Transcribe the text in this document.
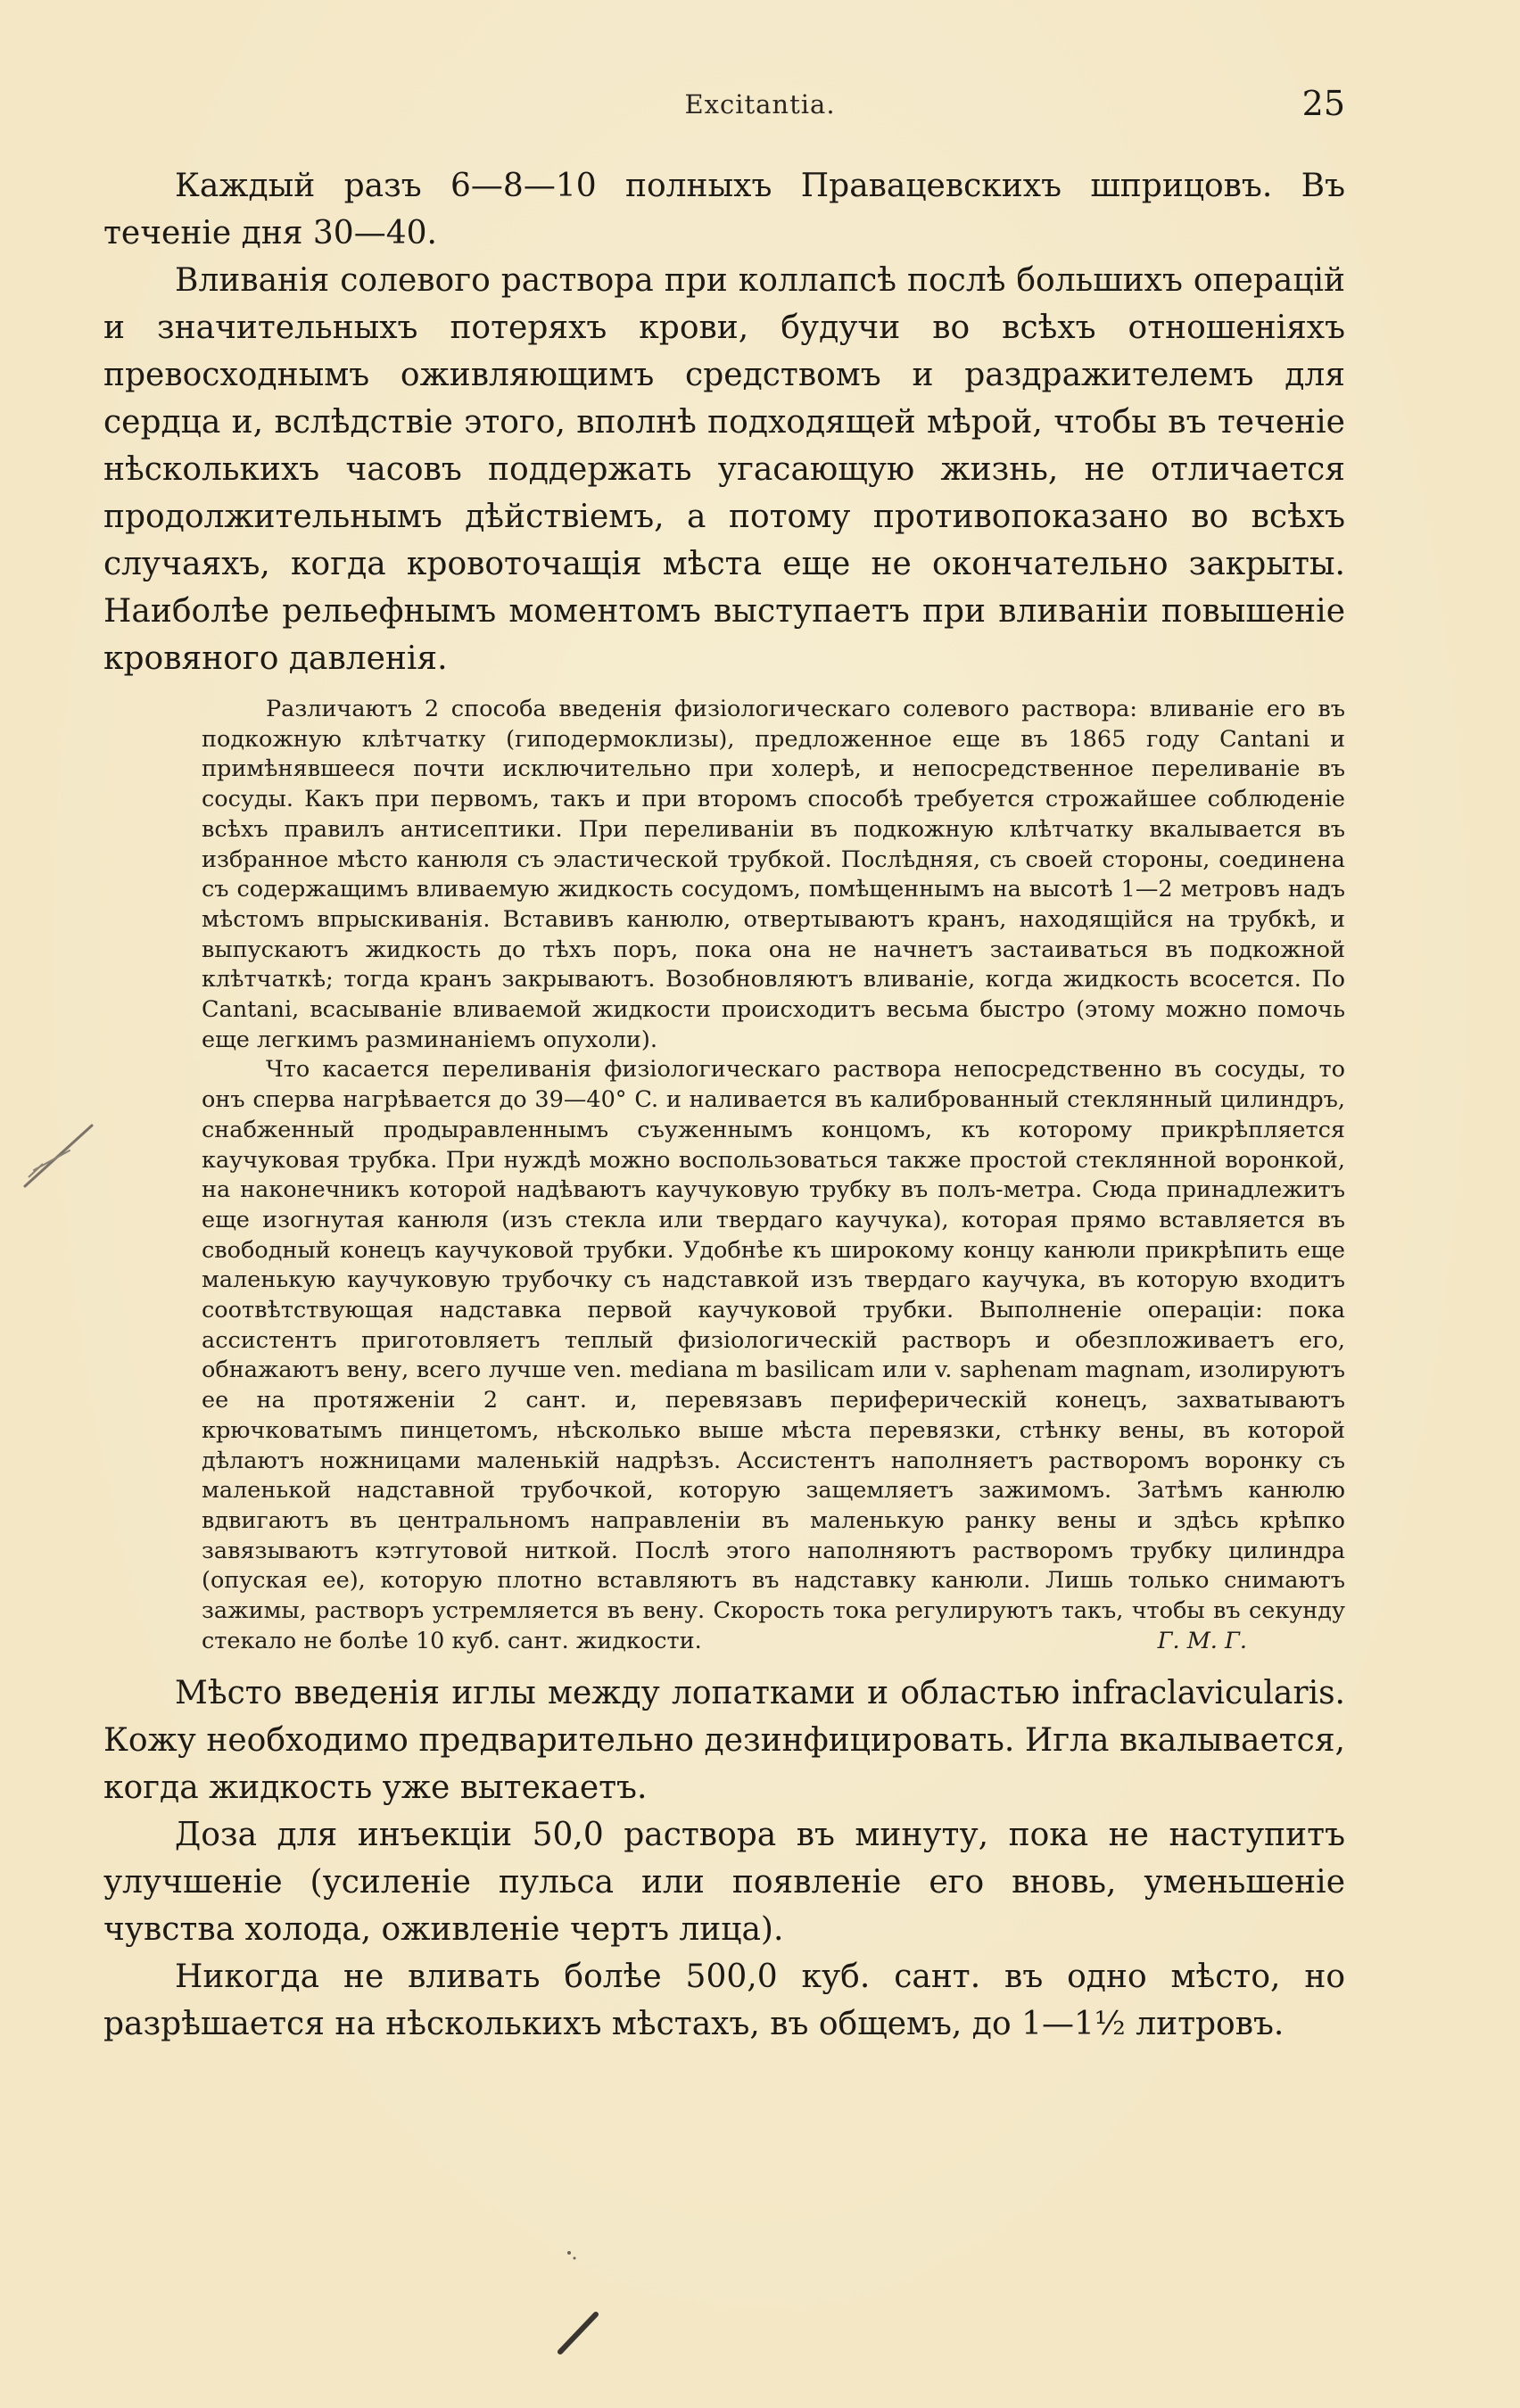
Excitantia.	25

Каждый разъ 6—8—10 полныхъ Правацевскихъ шприцовъ. Въ теченіе дня 30—40.

Вливанія солевого раствора при коллапсѣ послѣ большихъ операцій и значительныхъ потеряхъ крови, будучи во всѣхъ отношеніяхъ превосходнымъ оживляющимъ средствомъ и раздражителемъ для сердца и, вслѣдствіе этого, вполнѣ подходящей мѣрой, чтобы въ теченіе нѣсколькихъ часовъ поддержать угасающую жизнь, не отличается продолжительнымъ дѣйствіемъ, а потому противопоказано во всѣхъ случаяхъ, когда кровоточащія мѣста еще не окончательно закрыты. Наиболѣе рельефнымъ моментомъ выступаетъ при вливаніи повышеніе кровяного давленія.

Различаютъ 2 способа введенія физіологическаго солевого раствора: вливаніе его въ подкожную клѣтчатку (гиподермоклизы), предложенное еще въ 1865 году Cantani и примѣнявшееся почти исключительно при холерѣ, и непосредственное переливаніе въ сосуды. Какъ при первомъ, такъ и при второмъ способѣ требуется строжайшее соблюденіе всѣхъ правилъ антисептики. При переливаніи въ подкожную клѣтчатку вкалывается въ избранное мѣсто канюля съ эластической трубкой. Послѣдняя, съ своей стороны, соединена съ содержащимъ вливаемую жидкость сосудомъ, помѣщеннымъ на высотѣ 1—2 метровъ надъ мѣстомъ впрыскиванія. Вставивъ канюлю, отвертываютъ кранъ, находящійся на трубкѣ, и выпускаютъ жидкость до тѣхъ поръ, пока она не начнетъ застаиваться въ подкожной клѣтчаткѣ; тогда кранъ закрываютъ. Возобновляютъ вливаніе, когда жидкость всосется. По Cantani, всасываніе вливаемой жидкости происходитъ весьма быстро (этому можно помочь еще легкимъ разминаніемъ опухоли).

Что касается переливанія физіологическаго раствора непосредственно въ сосуды, то онъ сперва нагрѣвается до 39—40° C. и наливается въ калиброванный стеклянный цилиндръ, снабженный продыравленнымъ съуженнымъ концомъ, къ которому прикрѣпляется каучуковая трубка. При нуждѣ можно воспользоваться также простой стеклянной воронкой, на наконечникъ которой надѣваютъ каучуковую трубку въ полъ-метра. Сюда принадлежитъ еще изогнутая канюля (изъ стекла или твердаго каучука), которая прямо вставляется въ свободный конецъ каучуковой трубки. Удобнѣе къ широкому концу канюли прикрѣпить еще маленькую каучуковую трубочку съ надставкой изъ твердаго каучука, въ которую входитъ соотвѣтствующая надставка первой каучуковой трубки. Выполненіе операціи: пока ассистентъ приготовляетъ теплый физіологическій растворъ и обезпложиваетъ его, обнажаютъ вену, всего лучше ven. mediana m basilicam или v. saphenam magnam, изолируютъ ее на протяженіи 2 сант. и, перевязавъ периферическій конецъ, захватываютъ крючковатымъ пинцетомъ, нѣсколько выше мѣста перевязки, стѣнку вены, въ которой дѣлаютъ ножницами маленькій надрѣзъ. Ассистентъ наполняетъ растворомъ воронку съ маленькой надставной трубочкой, которую защемляетъ зажимомъ. Затѣмъ канюлю вдвигаютъ въ центральномъ направленіи въ маленькую ранку вены и здѣсь крѣпко завязываютъ кэтгутовой ниткой. Послѣ этого наполняютъ растворомъ трубку цилиндра (опуская ее), которую плотно вставляютъ въ надставку канюли. Лишь только снимаютъ зажимы, растворъ устремляется въ вену. Скорость тока регулируютъ такъ, чтобы въ секунду стекало не болѣе 10 куб. сант. жидкости.	Г. М. Г.

Мѣсто введенія иглы между лопатками и областью infraclavicularis. Кожу необходимо предварительно дезинфицировать. Игла вкалывается, когда жидкость уже вытекаетъ.

Доза для инъекціи 50,0 раствора въ минуту, пока не наступитъ улучшеніе (усиленіе пульса или появленіе его вновь, уменьшеніе чувства холода, оживленіе чертъ лица).

Никогда не вливать болѣе 500,0 куб. сант. въ одно мѣсто, но разрѣшается на нѣсколькихъ мѣстахъ, въ общемъ, до 1—1½ литровъ.
